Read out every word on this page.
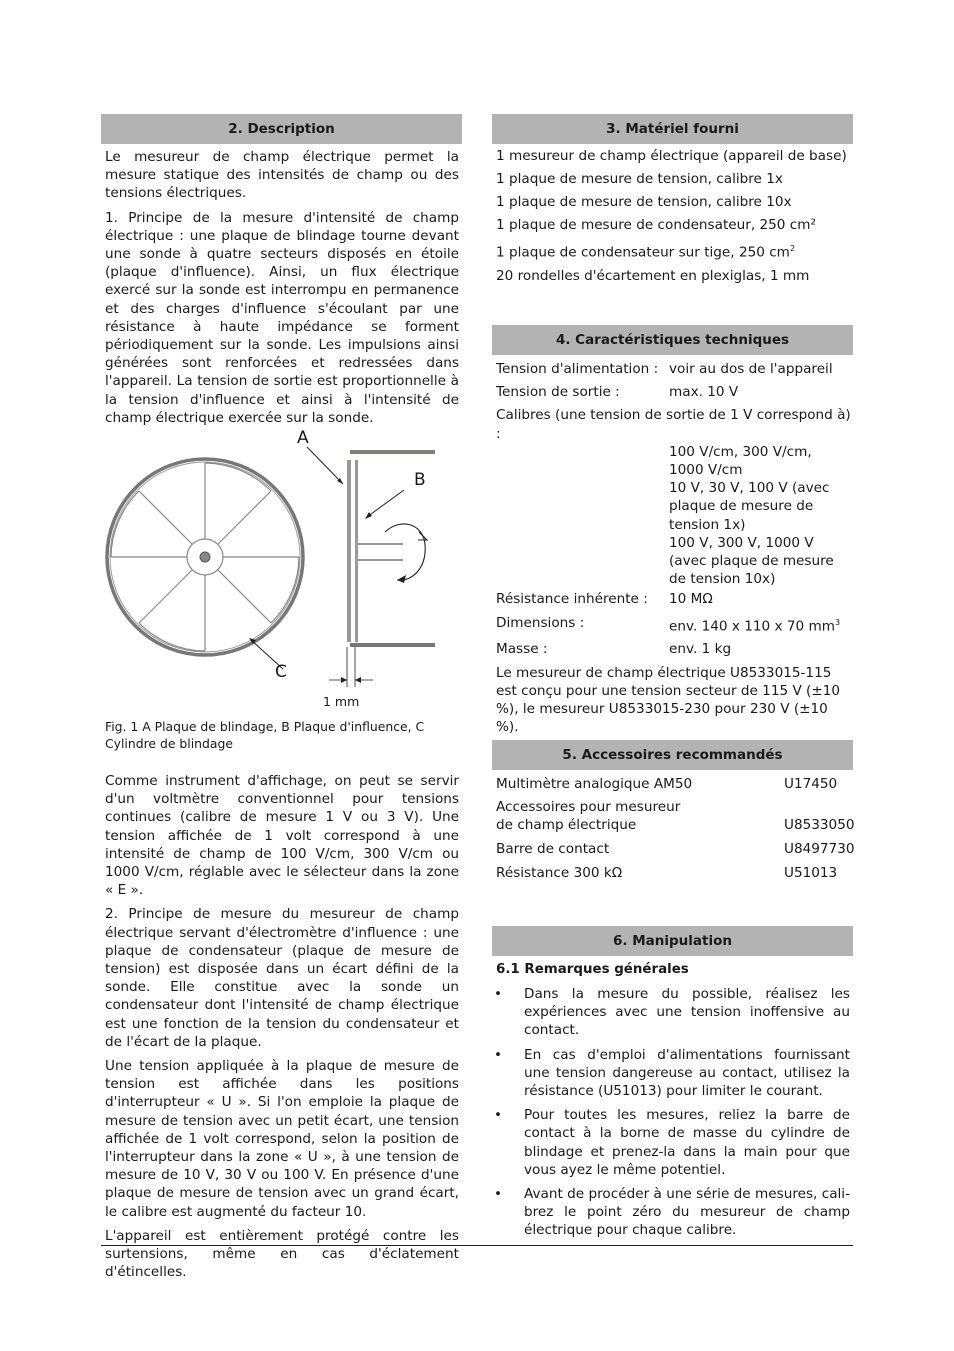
2. Description

Le mesureur de champ électrique permet la mesure statique des intensités de champ ou des tensions électriques.

1. Principe de la mesure d'intensité de champ électrique : une plaque de blindage tourne devant une sonde à quatre secteurs disposés en étoile (plaque d'influence). Ainsi, un flux électrique exercé sur la sonde est interrompu en permanence et des charges d'influence s'écoulant par une résistance à haute impédance se forment périodiquement sur la sonde. Les impulsions ainsi générées sont renforcées et redressées dans l'appareil. La tension de sortie est proportionnelle à la tension d'influence et ainsi à l'intensité de champ électrique exercée sur la sonde.

A
B
C
1 mm
Fig. 1 A Plaque de blindage, B Plaque d'influence, C Cylindre de blindage

Comme instrument d'affichage, on peut se servir d'un voltmètre conventionnel pour tensions continues (calibre de mesure 1 V ou 3 V). Une tension affichée de 1 volt correspond à une intensité de champ de 100 V/cm, 300 V/cm ou 1000 V/cm, réglable avec le sélecteur dans la zone « E ».

2. Principe de mesure du mesureur de champ électrique servant d'électromètre d'influence : une plaque de condensateur (plaque de mesure de tension) est disposée dans un écart défini de la sonde. Elle constitue avec la sonde un condensateur dont l'intensité de champ électrique est une fonction de la tension du condensateur et de l'écart de la plaque.

Une tension appliquée à la plaque de mesure de tension est affichée dans les positions d'interrupteur « U ». Si l'on emploie la plaque de mesure de tension avec un petit écart, une tension affichée de 1 volt correspond, selon la position de l'interrupteur dans la zone « U », à une tension de mesure de 10 V, 30 V ou 100 V. En présence d'une plaque de mesure de tension avec un grand écart, le calibre est augmenté du facteur 10.

L'appareil est entièrement protégé contre les surtensions, même en cas d'éclatement d'étincelles.

3. Matériel fourni
1 mesureur de champ électrique (appareil de base)
1 plaque de mesure de tension, calibre 1x
1 plaque de mesure de tension, calibre 10x
1 plaque de mesure de condensateur, 250 cm²
1 plaque de condensateur sur tige, 250 $cm^2$
20 rondelles d'écartement en plexiglas, 1 mm
4. Caractéristiques techniques
Tension d'alimentation : voir au dos de l'appareil
Tension de sortie :	max. 10 V
Calibres (une tension de sortie de 1 V correspond à) :
100 V/cm, 300 V/cm, 1000 V/cm
10 V, 30 V, 100 V (avec plaque de mesure de tension 1x)
100 V, 300 V, 1000 V (avec plaque de mesure de tension 10x)
Résistance inhérente :	10 MΩ
Dimensions :	env. 140 x 110 x 70 $mm^3$
Masse :	env. 1 kg
Le mesureur de champ électrique U8533015-115 est conçu pour une tension secteur de 115 V (±10 %), le mesureur U8533015-230 pour 230 V (±10 %).
5. Accessoires recommandés
Multimètre analogique AM50	U17450
Accessoires pour mesureur de champ électrique	U8533050
Barre de contact	U8497730
Résistance 300 kΩ	U51013
6. Manipulation
6.1 Remarques générales
•	Dans la mesure du possible, réalisez les expériences avec une tension inoffensive au contact.
•	En cas d'emploi d'alimentations fournissant une tension dangereuse au contact, utilisez la résistance (U51013) pour limiter le courant.
•	Pour toutes les mesures, reliez la barre de contact à la borne de masse du cylindre de blindage et prenez-la dans la main pour que vous ayez le même potentiel.
•	Avant de procéder à une série de mesures, calibrez le point zéro du mesureur de champ électrique pour chaque calibre.
